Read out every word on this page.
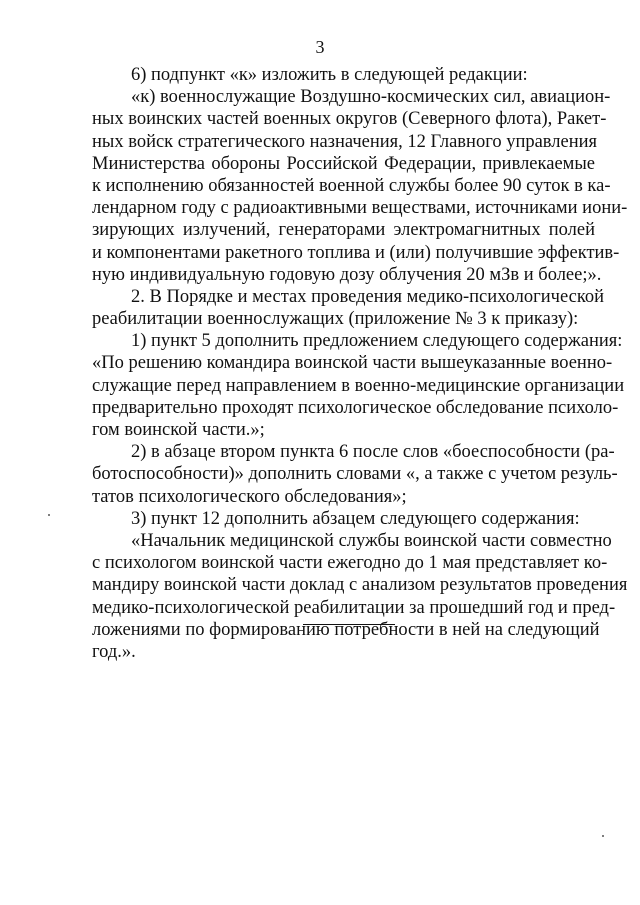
3
6) подпункт «к» изложить в следующей редакции:
«к) военнослужащие Воздушно-космических сил, авиацион-
ных воинских частей военных округов (Северного флота), Ракет-
ных войск стратегического назначения, 12 Главного управления
Министерства обороны Российской Федерации, привлекаемые
к исполнению обязанностей военной службы более 90 суток в ка-
лендарном году с радиоактивными веществами, источниками иони-
зирующих излучений, генераторами электромагнитных полей
и компонентами ракетного топлива и (или) получившие эффектив-
ную индивидуальную годовую дозу облучения 20 мЗв и более;».
2. В Порядке и местах проведения медико-психологической
реабилитации военнослужащих (приложение № 3 к приказу):
1) пункт 5 дополнить предложением следующего содержания:
«По решению командира воинской части вышеуказанные военно-
служащие перед направлением в военно-медицинские организации
предварительно проходят психологическое обследование психоло-
гом воинской части.»;
2) в абзаце втором пункта 6 после слов «боеспособности (ра-
ботоспособности)» дополнить словами «, а также с учетом резуль-
татов психологического обследования»;
3) пункт 12 дополнить абзацем следующего содержания:
«Начальник медицинской службы воинской части совместно
с психологом воинской части ежегодно до 1 мая представляет ко-
мандиру воинской части доклад с анализом результатов проведения
медико-психологической реабилитации за прошедший год и пред-
ложениями по формированию потребности в ней на следующий
год.».
